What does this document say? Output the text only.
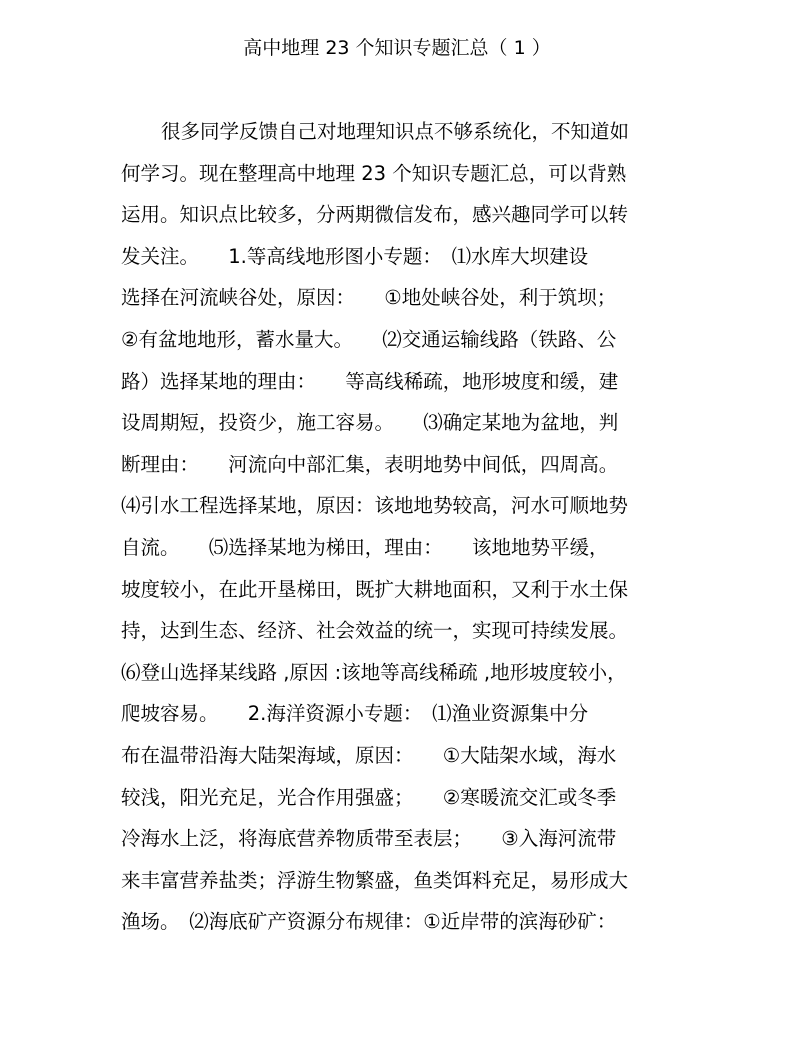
高中地理 23 个知识专题汇总（ 1 ）
很多同学反馈自己对地理知识点不够系统化，不知道如
何学习。现在整理高中地理 23 个知识专题汇总，可以背熟
运用。知识点比较多，分两期微信发布，感兴趣同学可以转
发关注。　　1.等高线地形图小专题：　⑴水库大坝建设
选择在河流峡谷处，原因：　　①地处峡谷处，利于筑坝；
②有盆地地形，蓄水量大。　　⑵交通运输线路（铁路、公
路）选择某地的理由：　　等高线稀疏，地形坡度和缓，建
设周期短，投资少，施工容易。　　⑶确定某地为盆地，判
断理由：　　河流向中部汇集，表明地势中间低，四周高。
⑷引水工程选择某地，原因：该地地势较高，河水可顺地势
自流。　　⑸选择某地为梯田，理由：　　该地地势平缓，
坡度较小，在此开垦梯田，既扩大耕地面积，又利于水土保
持，达到生态、经济、社会效益的统一，实现可持续发展。
⑹登山选择某线路 ,原因 :该地等高线稀疏 ,地形坡度较小，
爬坡容易。　　2.海洋资源小专题：　⑴渔业资源集中分
布在温带沿海大陆架海域，原因：　　①大陆架水域，海水
较浅，阳光充足，光合作用强盛；　　②寒暖流交汇或冬季
冷海水上泛，将海底营养物质带至表层；　　③入海河流带
来丰富营养盐类；浮游生物繁盛，鱼类饵料充足，易形成大
渔场。　⑵海底矿产资源分布规律：①近岸带的滨海砂矿：
